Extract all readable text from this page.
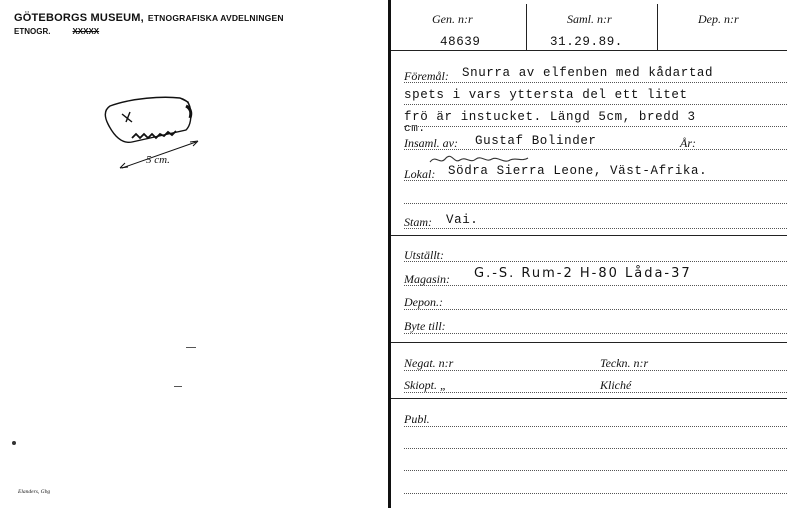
GÖTEBORGS MUSEUM, ETNOGRAFISKA AVDELNINGEN
ETNOGR.	XXXXX
5 cm.
Elanders, Gbg
Gen. n:r	Saml. n:r	Dep. n:r
48639	31.29.89.
Föremål: Snurra av elfenben med kådartad
spets i vars yttersta del ett litet
frö är instucket. Längd 5cm, bredd 3
cm.
Insaml. av: Gustaf Bolinder	År:
Lokal: Södra Sierra Leone, Väst-Afrika.
Stam: Vai.
Utställt:
Magasin: G.-S. Rum-2 H-80 Låda-37
Depon.:
Byte till:
Negat. n:r	Teckn. n:r
Skiopt. „	Kliché
Publ.
